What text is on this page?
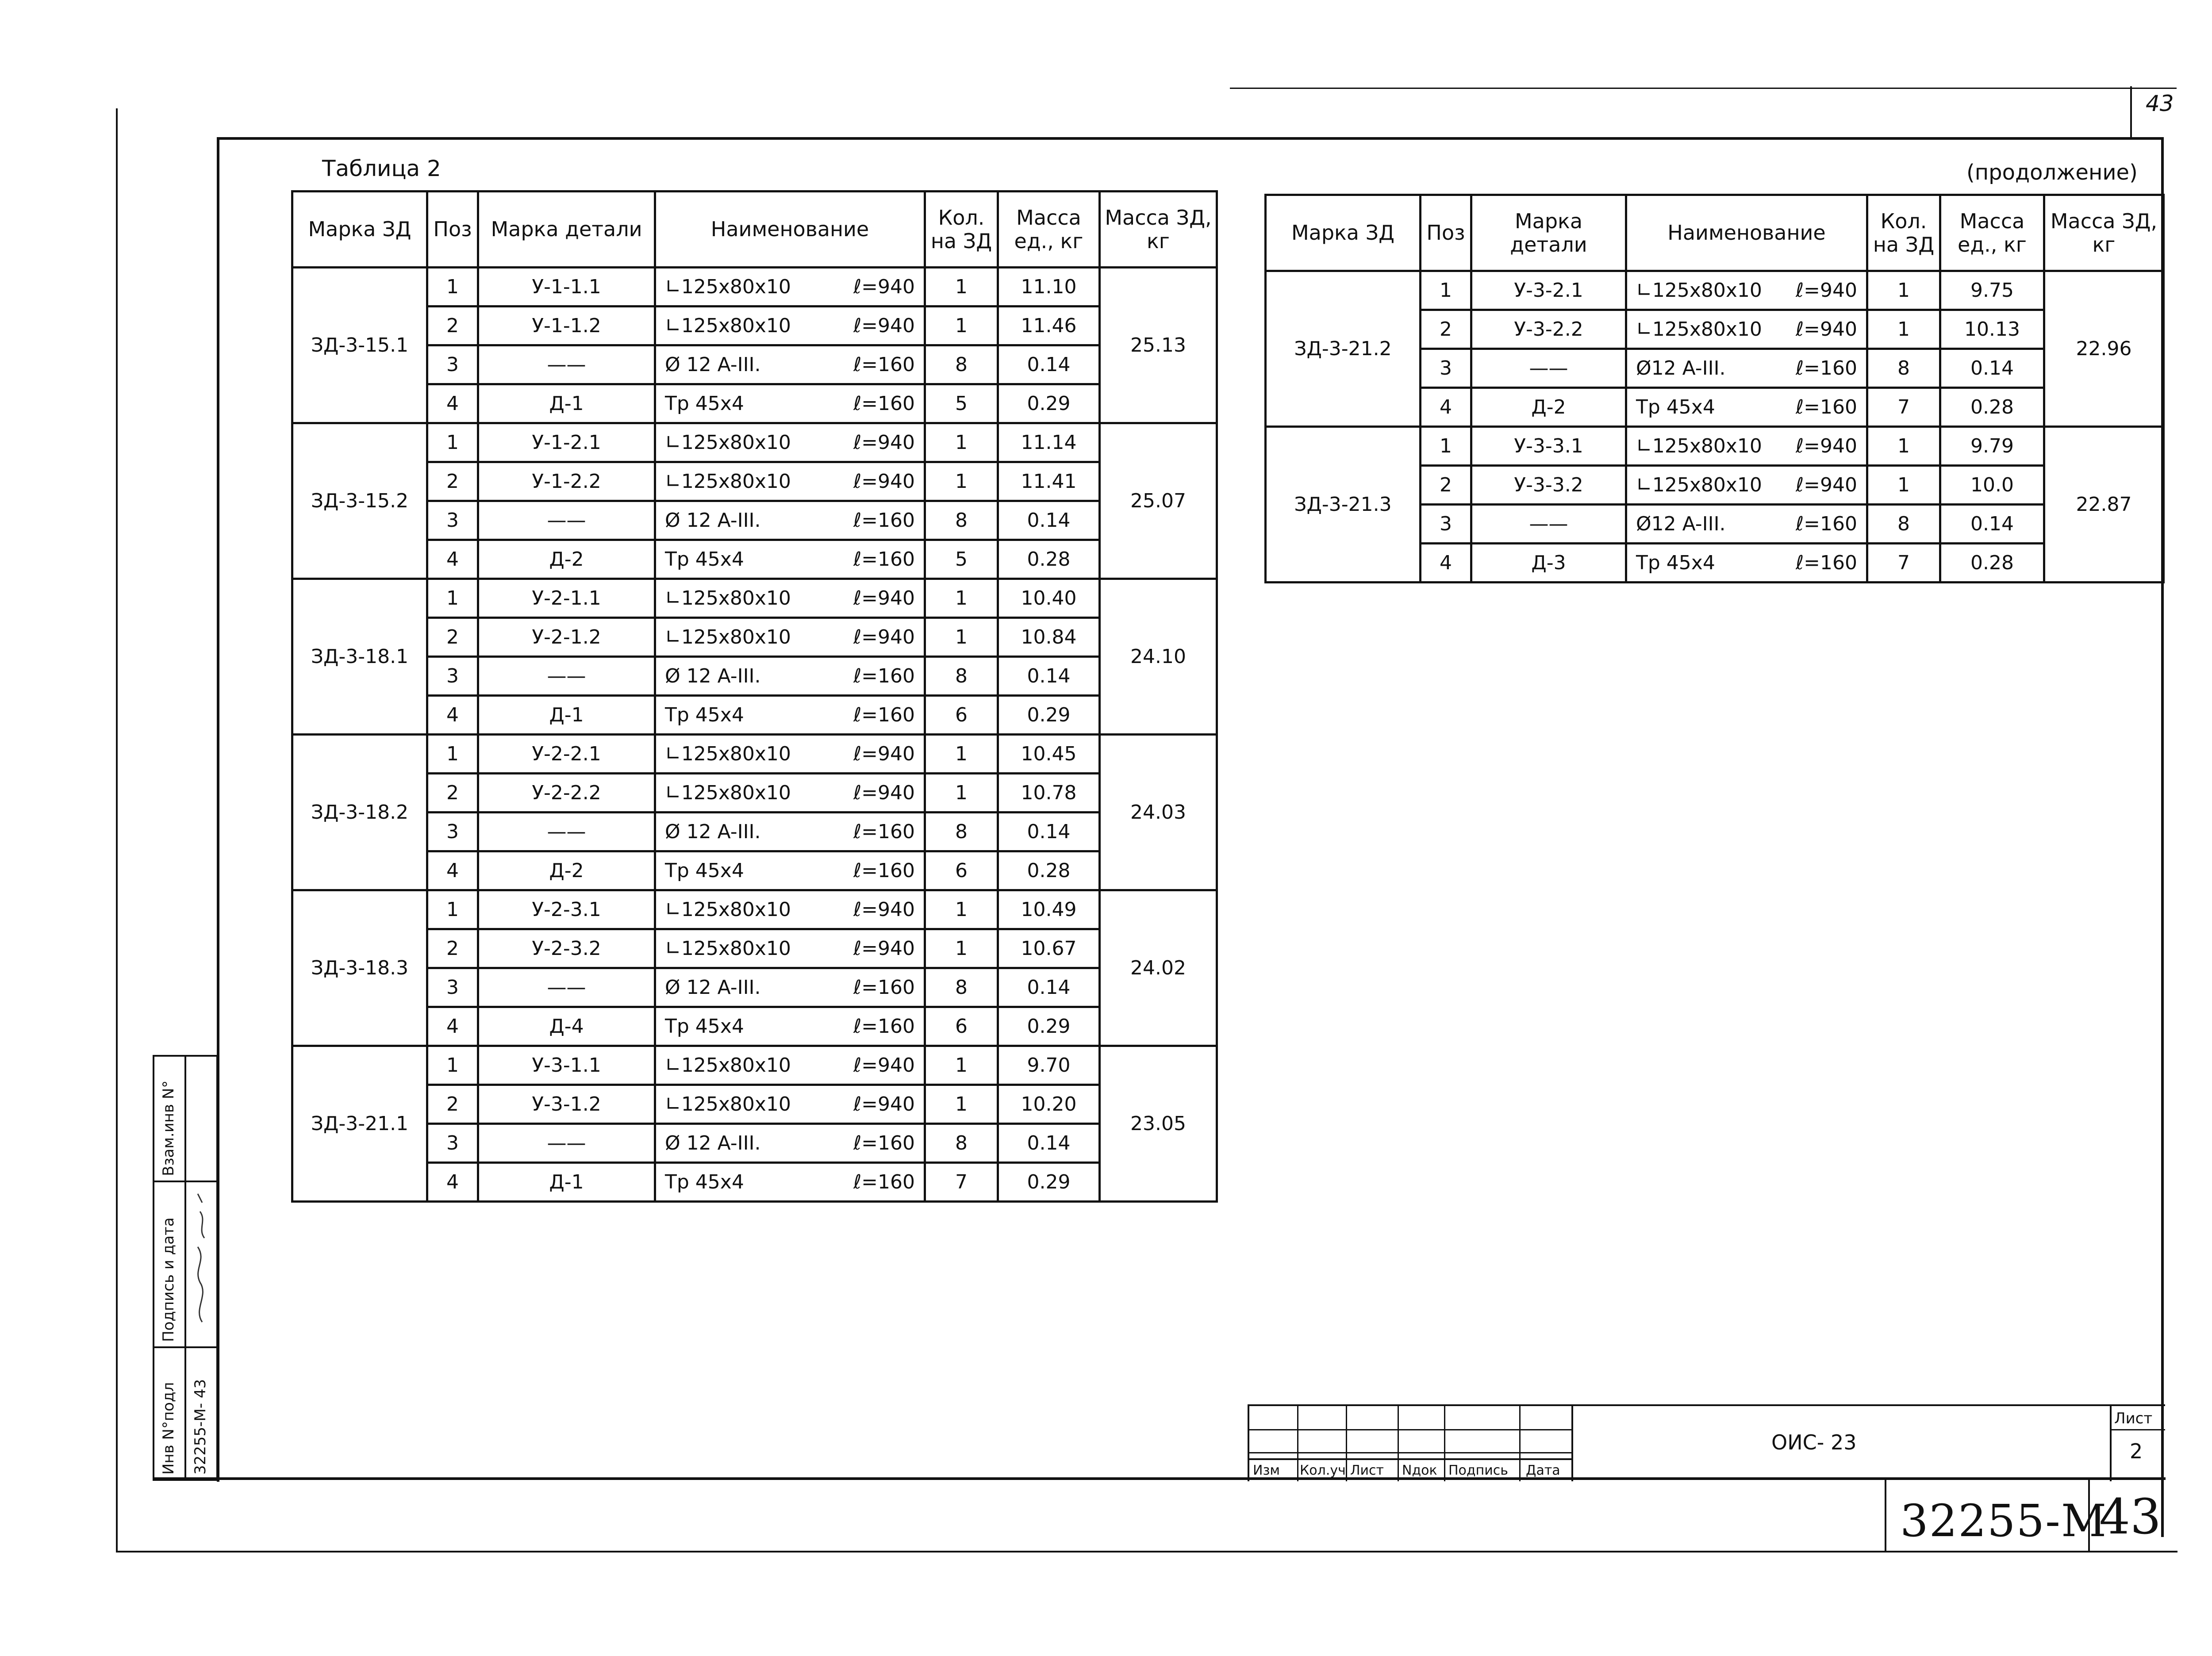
43
Таблица 2	(продолжение)
Марка ЗД	Поз	Марка детали	Наименование	Кол. на ЗД	Масса ед., кг	Масса ЗД, кг
ЗД-3-15.1	1	У-1-1.1	∟125x80x10 ℓ=940	1	11.10	25.13
	2	У-1-1.2	∟125x80x10 ℓ=940	1	11.46	
	3	——	Ø 12 A-III. ℓ=160	8	0.14	
	4	Д-1	Тр 45x4 ℓ=160	5	0.29	
ЗД-3-15.2	1	У-1-2.1	∟125x80x10 ℓ=940	1	11.14	25.07
	2	У-1-2.2	∟125x80x10 ℓ=940	1	11.41	
	3	——	Ø 12 A-III. ℓ=160	8	0.14	
	4	Д-2	Тр 45x4 ℓ=160	5	0.28	
ЗД-3-18.1	1	У-2-1.1	∟125x80x10 ℓ=940	1	10.40	24.10
	2	У-2-1.2	∟125x80x10 ℓ=940	1	10.84	
	3	——	Ø 12 A-III. ℓ=160	8	0.14	
	4	Д-1	Тр 45x4 ℓ=160	6	0.29	
ЗД-3-18.2	1	У-2-2.1	∟125x80x10 ℓ=940	1	10.45	24.03
	2	У-2-2.2	∟125x80x10 ℓ=940	1	10.78	
	3	——	Ø 12 A-III. ℓ=160	8	0.14	
	4	Д-2	Тр 45x4 ℓ=160	6	0.28	
ЗД-3-18.3	1	У-2-3.1	∟125x80x10 ℓ=940	1	10.49	24.02
	2	У-2-3.2	∟125x80x10 ℓ=940	1	10.67	
	3	——	Ø 12 A-III. ℓ=160	8	0.14	
	4	Д-4	Тр 45x4 ℓ=160	6	0.29	
ЗД-3-21.1	1	У-3-1.1	∟125x80x10 ℓ=940	1	9.70	23.05
	2	У-3-1.2	∟125x80x10 ℓ=940	1	10.20	
	3	——	Ø 12 A-III. ℓ=160	8	0.14	
	4	Д-1	Тр 45x4 ℓ=160	7	0.29	
Марка ЗД	Поз	Марка детали	Наименование	Кол. на ЗД	Масса ед., кг	Масса ЗД, кг
ЗД-3-21.2	1	У-3-2.1	∟125x80x10 ℓ=940	1	9.75	22.96
	2	У-3-2.2	∟125x80x10 ℓ=940	1	10.13	
	3	——	Ø12 A-III. ℓ=160	8	0.14	
	4	Д-2	Тр 45x4 ℓ=160	7	0.28	
ЗД-3-21.3	1	У-3-3.1	∟125x80x10 ℓ=940	1	9.79	22.87
	2	У-3-3.2	∟125x80x10 ℓ=940	1	10.0	
	3	——	Ø12 A-III. ℓ=160	8	0.14	
	4	Д-3	Тр 45x4 ℓ=160	7	0.28	
Взам.инв N°
Подпись и дата
Инв N°подл 32255-М- 43	Изм Кол.уч Лист Nдок Подпись Дата
ОИС- 23
Лист
2
32255-М
43
